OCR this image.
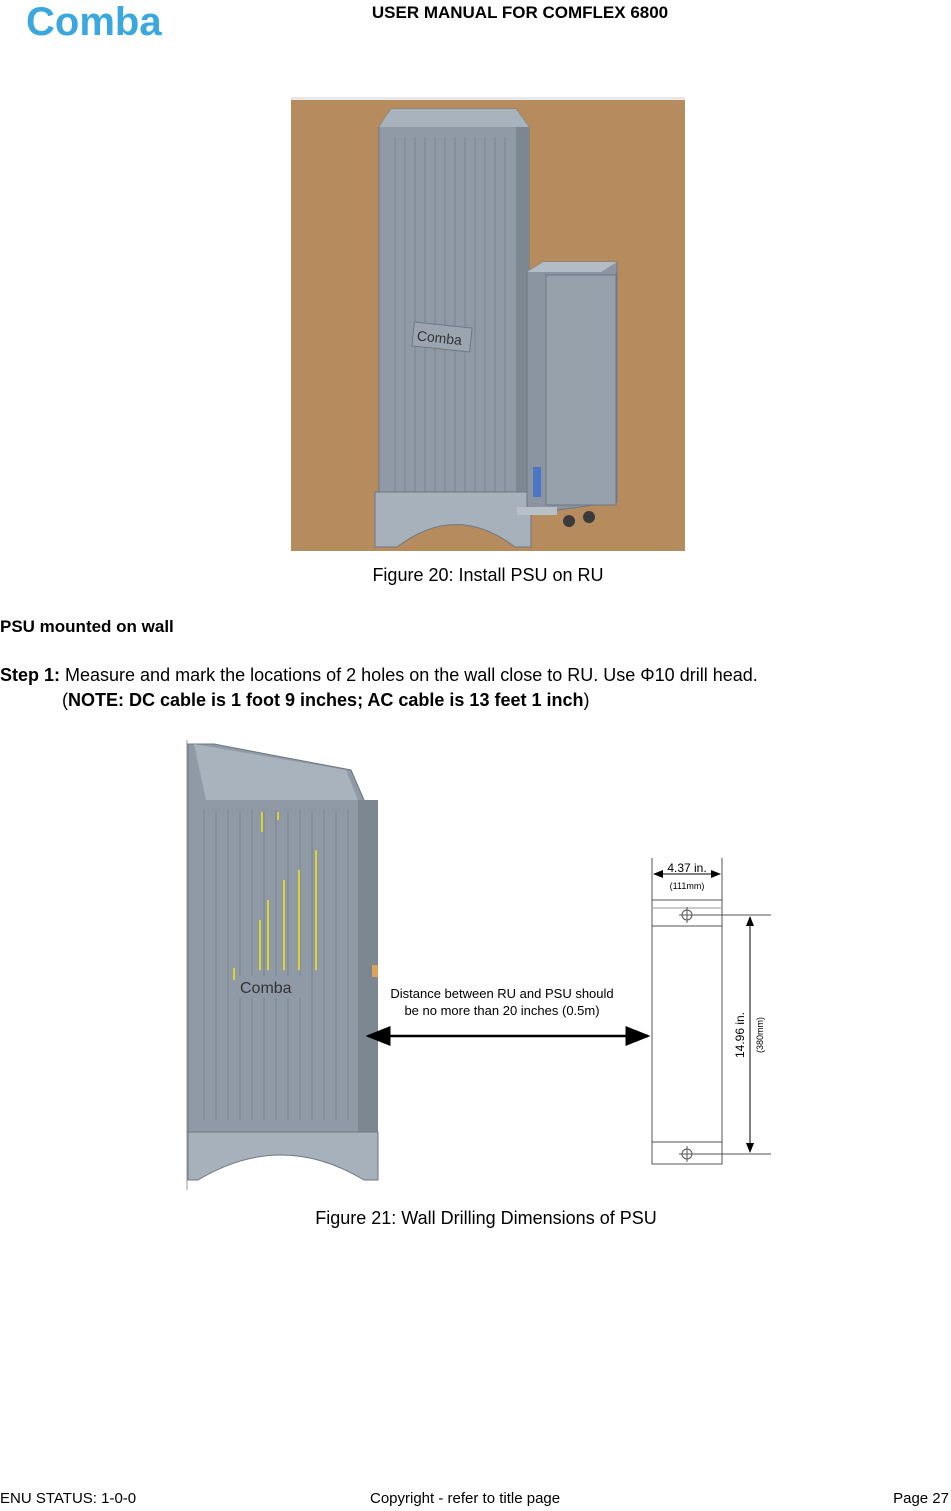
Comba	USER MANUAL FOR COMFLEX 6800
Comba
Figure 20: Install PSU on RU
PSU mounted on wall
Step 1: Measure and mark the locations of 2 holes on the wall close to RU. Use Φ10 drill head.
(NOTE: DC cable is 1 foot 9 inches; AC cable is 13 feet 1 inch)
Comba	Distance between RU and PSU should
be no more than 20 inches (0.5m)
4.37 in.
(111mm)
14.96 in. (380mm)
Figure 21: Wall Drilling Dimensions of PSU
ENU STATUS: 1-0-0	Copyright - refer to title page	Page 27
